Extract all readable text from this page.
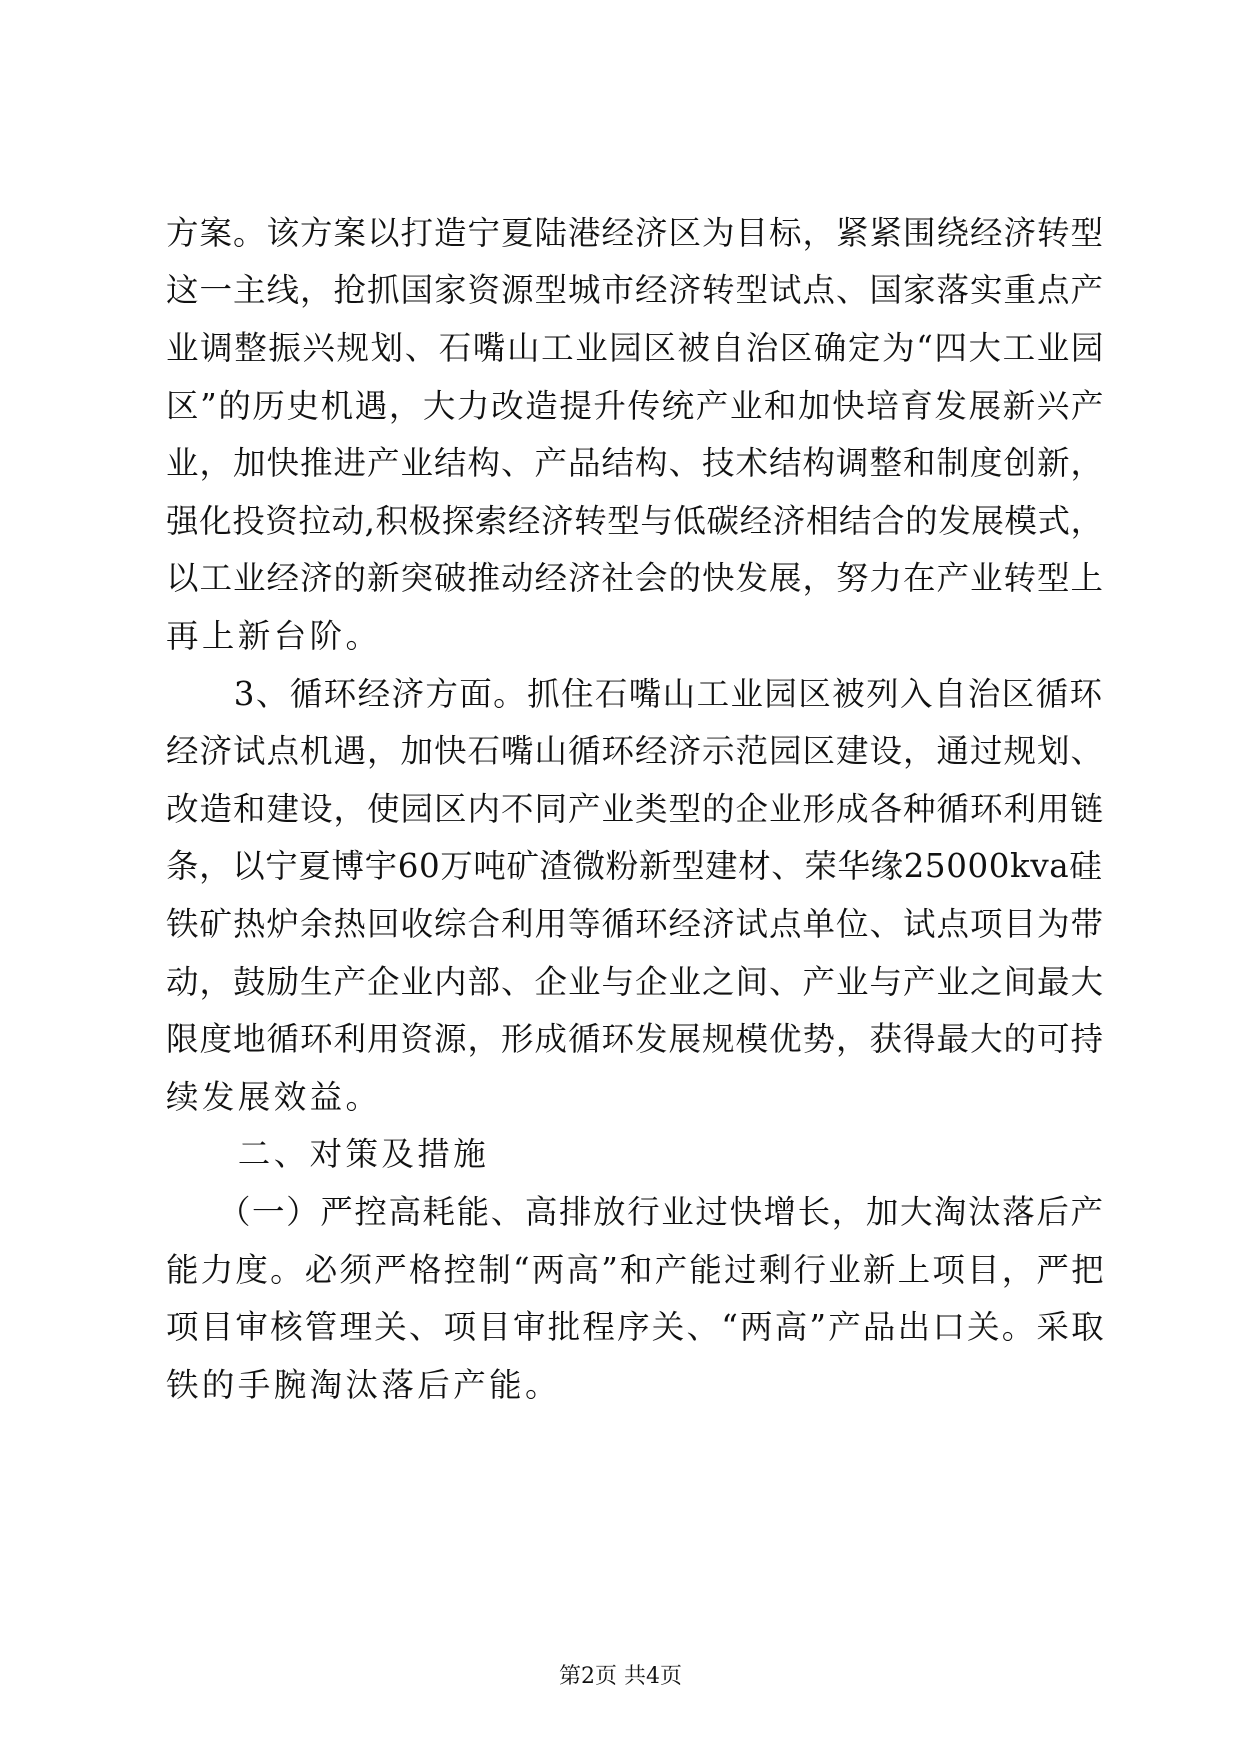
方案。该方案以打造宁夏陆港经济区为目标，紧紧围绕经济转型
这一主线，抢抓国家资源型城市经济转型试点、国家落实重点产
业调整振兴规划、石嘴山工业园区被自治区确定为“四大工业园
区”的历史机遇，大力改造提升传统产业和加快培育发展新兴产
业，加快推进产业结构、产品结构、技术结构调整和制度创新，
强化投资拉动,积极探索经济转型与低碳经济相结合的发展模式，
以工业经济的新突破推动经济社会的快发展，努力在产业转型上
再上新台阶。
　　3、循环经济方面。抓住石嘴山工业园区被列入自治区循环
经济试点机遇，加快石嘴山循环经济示范园区建设，通过规划、
改造和建设，使园区内不同产业类型的企业形成各种循环利用链
条，以宁夏博宇60万吨矿渣微粉新型建材、荣华缘25000kva硅
铁矿热炉余热回收综合利用等循环经济试点单位、试点项目为带
动，鼓励生产企业内部、企业与企业之间、产业与产业之间最大
限度地循环利用资源，形成循环发展规模优势，获得最大的可持
续发展效益。
　　二、对策及措施
　　（一）严控高耗能、高排放行业过快增长，加大淘汰落后产
能力度。必须严格控制“两高”和产能过剩行业新上项目，严把
项目审核管理关、项目审批程序关、“两高”产品出口关。采取
铁的手腕淘汰落后产能。
第2页 共4页
